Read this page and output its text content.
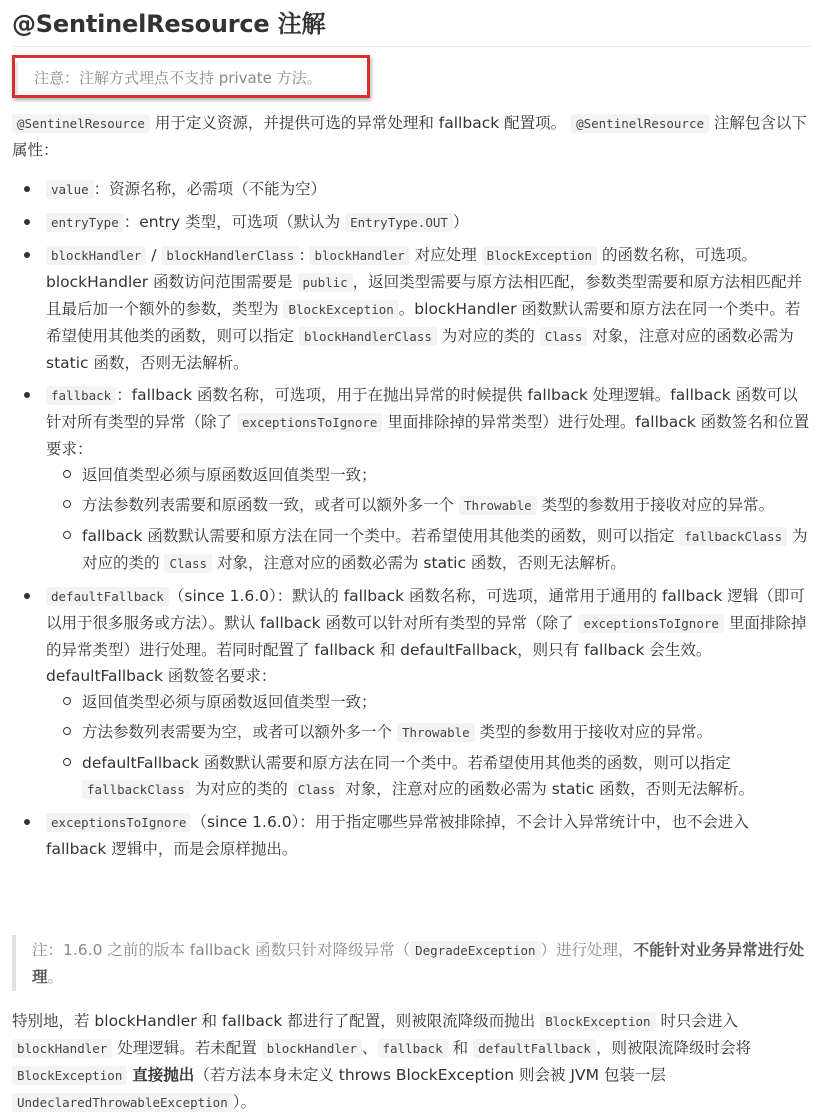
@SentinelResource 注解
注意：注解方式埋点不支持 private 方法。

@SentinelResource 用于定义资源，并提供可选的异常处理和 fallback 配置项。 @SentinelResource 注解包含以下属性：

value ：资源名称，必需项（不能为空）
entryType ：entry 类型，可选项（默认为 EntryType.OUT ）
blockHandler / blockHandlerClass : blockHandler 对应处理 BlockException 的函数名称，可选项。blockHandler 函数访问范围需要是 public ，返回类型需要与原方法相匹配，参数类型需要和原方法相匹配并且最后加一个额外的参数，类型为 BlockException 。blockHandler 函数默认需要和原方法在同一个类中。若希望使用其他类的函数，则可以指定 blockHandlerClass 为对应的类的 Class 对象，注意对应的函数必需为 static 函数，否则无法解析。
fallback ：fallback 函数名称，可选项，用于在抛出异常的时候提供 fallback 处理逻辑。fallback 函数可以针对所有类型的异常（除了 exceptionsToIgnore 里面排除掉的异常类型）进行处理。fallback 函数签名和位置要求：
返回值类型必须与原函数返回值类型一致；
方法参数列表需要和原函数一致，或者可以额外多一个 Throwable 类型的参数用于接收对应的异常。
fallback 函数默认需要和原方法在同一个类中。若希望使用其他类的函数，则可以指定 fallbackClass 为对应的类的 Class 对象，注意对应的函数必需为 static 函数，否则无法解析。
defaultFallback （since 1.6.0）：默认的 fallback 函数名称，可选项，通常用于通用的 fallback 逻辑（即可以用于很多服务或方法）。默认 fallback 函数可以针对所有类型的异常（除了 exceptionsToIgnore 里面排除掉的异常类型）进行处理。若同时配置了 fallback 和 defaultFallback，则只有 fallback 会生效。defaultFallback 函数签名要求：
返回值类型必须与原函数返回值类型一致；
方法参数列表需要为空，或者可以额外多一个 Throwable 类型的参数用于接收对应的异常。
defaultFallback 函数默认需要和原方法在同一个类中。若希望使用其他类的函数，则可以指定 fallbackClass 为对应的类的 Class 对象，注意对应的函数必需为 static 函数，否则无法解析。
exceptionsToIgnore （since 1.6.0）：用于指定哪些异常被排除掉，不会计入异常统计中，也不会进入 fallback 逻辑中，而是会原样抛出。
注：1.6.0 之前的版本 fallback 函数只针对降级异常（ DegradeException ）进行处理，不能针对业务异常进行处理。

特别地，若 blockHandler 和 fallback 都进行了配置，则被限流降级而抛出 BlockException 时只会进入 blockHandler 处理逻辑。若未配置 blockHandler 、 fallback 和 defaultFallback ，则被限流降级时会将 BlockException 直接抛出（若方法本身未定义 throws BlockException 则会被 JVM 包装一层 UndeclaredThrowableException ）。
